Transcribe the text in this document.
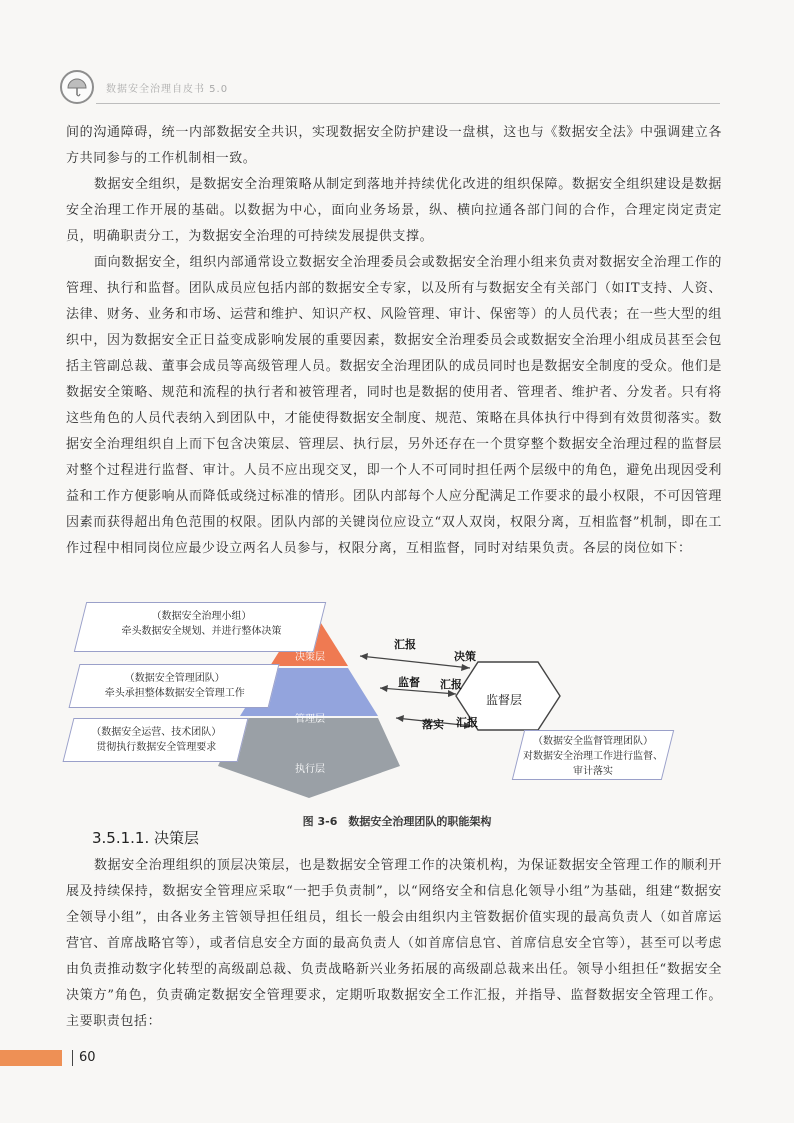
数据安全治理自皮书 5.0

间的沟通障碍，统一内部数据安全共识，实现数据安全防护建设一盘棋，这也与《数据安全法》中强调建立各方共同参与的工作机制相一致。

数据安全组织，是数据安全治理策略从制定到落地并持续优化改进的组织保障。数据安全组织建设是数据安全治理工作开展的基础。以数据为中心，面向业务场景，纵、横向拉通各部门间的合作，合理定岗定责定员，明确职责分工，为数据安全治理的可持续发展提供支撑。

面向数据安全，组织内部通常设立数据安全治理委员会或数据安全治理小组来负责对数据安全治理工作的管理、执行和监督。团队成员应包括内部的数据安全专家，以及所有与数据安全有关部门（如IT支持、人资、法律、财务、业务和市场、运营和维护、知识产权、风险管理、审计、保密等）的人员代表；在一些大型的组织中，因为数据安全正日益变成影响发展的重要因素，数据安全治理委员会或数据安全治理小组成员甚至会包括主管副总裁、董事会成员等高级管理人员。数据安全治理团队的成员同时也是数据安全制度的受众。他们是数据安全策略、规范和流程的执行者和被管理者，同时也是数据的使用者、管理者、维护者、分发者。只有将这些角色的人员代表纳入到团队中，才能使得数据安全制度、规范、策略在具体执行中得到有效贯彻落实。数据安全治理组织自上而下包含决策层、管理层、执行层，另外还存在一个贯穿整个数据安全治理过程的监督层对整个过程进行监督、审计。人员不应出现交叉，即一个人不可同时担任两个层级中的角色，避免出现因受利益和工作方便影响从而降低或绕过标准的情形。团队内部每个人应分配满足工作要求的最小权限，不可因管理因素而获得超出角色范围的权限。团队内部的关键岗位应设立“双人双岗，权限分离，互相监督”机制，即在工作过程中相同岗位应最少设立两名人员参与，权限分离，互相监督，同时对结果负责。各层的岗位如下：

（数据安全治理小组）
牵头数据安全规划、并进行整体决策
（数据安全管理团队）
牵头承担整体数据安全管理工作
（数据安全运营、技术团队）
贯彻执行数据安全管理要求
（数据安全监督管理团队）
对数据安全治理工作进行监督、
审计落实
决策层
管理层
执行层
监督层
汇报
决策
监督 汇报
落实 汇报
图 3-6　数据安全治理团队的职能架构
3.5.1.1. 决策层

数据安全治理组织的顶层决策层，也是数据安全管理工作的决策机构，为保证数据安全管理工作的顺利开展及持续保持，数据安全管理应采取“一把手负责制”，以“网络安全和信息化领导小组”为基础，组建“数据安全领导小组”，由各业务主管领导担任组员，组长一般会由组织内主管数据价值实现的最高负责人（如首席运营官、首席战略官等），或者信息安全方面的最高负责人（如首席信息官、首席信息安全官等），甚至可以考虑由负责推动数字化转型的高级副总裁、负责战略新兴业务拓展的高级副总裁来出任。领导小组担任“数据安全决策方”角色，负责确定数据安全管理要求，定期听取数据安全工作汇报，并指导、监督数据安全管理工作。主要职责包括：

60
